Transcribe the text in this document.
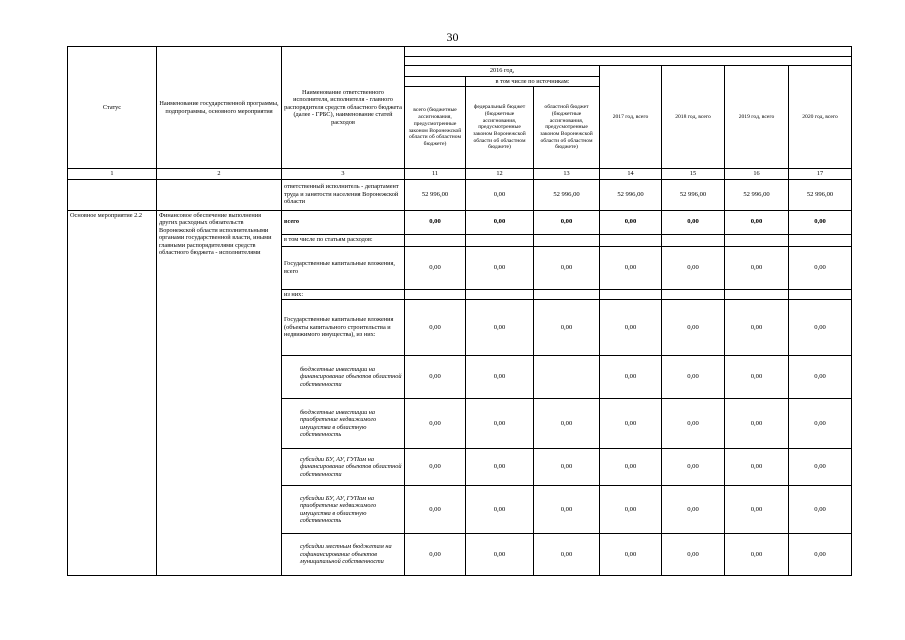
30
Статус	Наименование государственной программы, подпрограммы, основного мероприятия	Наименование ответственного исполнителя, исполнителя - главного распорядителя средств областного бюджета (далее - ГРБС), наименование статей расходов							

			2016 год,			2017 год, всего	2018 год, всего	2019 год, всего	2020 год, всего
				в том числе по источникам:					
			всего (бюджетные ассигнования, предусмотренные законом Воронежской области об областном бюджете)	федеральный бюджет (бюджетные ассигнования, предусмотренные законом Воронежской области об областном бюджете)	областной бюджет (бюджетные ассигнования, предусмотренные законом Воронежской области об областном бюджете)				
1	2	3	11	12	13	14	15	16	17
		ответственный исполнитель - департамент труда и занятости населения Воронежской области	52 996,00	0,00	52 996,00	52 996,00	52 996,00	52 996,00	52 996,00
Основное мероприятие 2.2	Финансовое обеспечение выполнения других расходных обязательств Воронежской области исполнительными органами государственной власти, иными главными распорядителями средств областного бюджета - исполнителями	всего	0,00	0,00	0,00	0,00	0,00	0,00	0,00
		в том числе по статьям расходов:							
		Государственные капитальные вложения, всего	0,00	0,00	0,00	0,00	0,00	0,00	0,00
		из них:							
		Государственные капитальные вложения (объекты капитального строительства и недвижимого имущества), из них:	0,00	0,00	0,00	0,00	0,00	0,00	0,00
		бюджетные инвестиции на финансирование объектов областной собственности	0,00	0,00		0,00	0,00	0,00	0,00
		бюджетные инвестиции на приобретение недвижимого имущества в областную собственность	0,00	0,00	0,00	0,00	0,00	0,00	0,00
		субсидии БУ, АУ, ГУПам на финансирование объектов областной собственности	0,00	0,00	0,00	0,00	0,00	0,00	0,00
		субсидии БУ, АУ, ГУПам на приобретение недвижимого имущества в областную собственность	0,00	0,00	0,00	0,00	0,00	0,00	0,00
		субсидии местным бюджетам на софинансирование объектов муниципальной собственности	0,00	0,00	0,00	0,00	0,00	0,00	0,00
